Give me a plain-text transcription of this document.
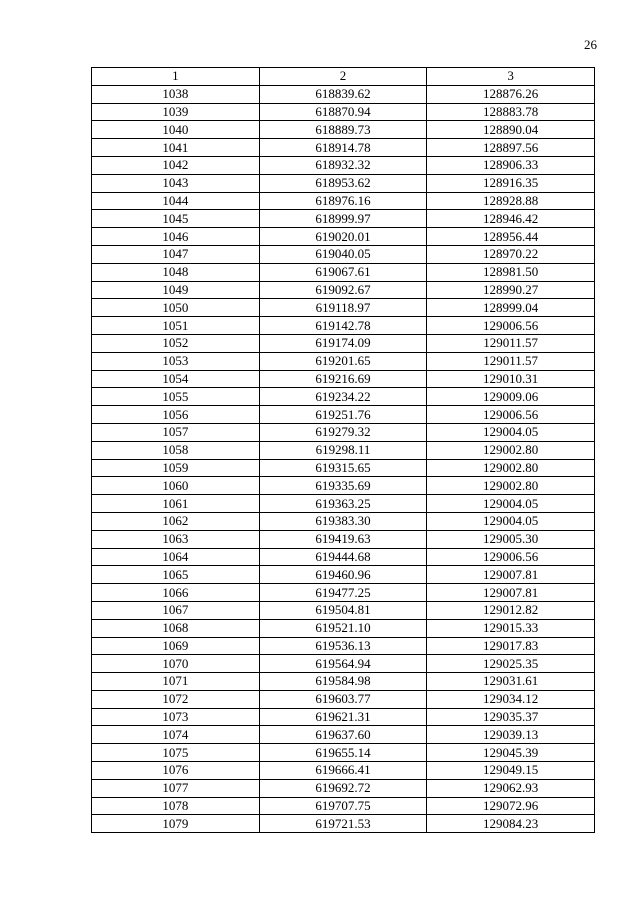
26
1	2	3
1038	618839.62	128876.26
1039	618870.94	128883.78
1040	618889.73	128890.04
1041	618914.78	128897.56
1042	618932.32	128906.33
1043	618953.62	128916.35
1044	618976.16	128928.88
1045	618999.97	128946.42
1046	619020.01	128956.44
1047	619040.05	128970.22
1048	619067.61	128981.50
1049	619092.67	128990.27
1050	619118.97	128999.04
1051	619142.78	129006.56
1052	619174.09	129011.57
1053	619201.65	129011.57
1054	619216.69	129010.31
1055	619234.22	129009.06
1056	619251.76	129006.56
1057	619279.32	129004.05
1058	619298.11	129002.80
1059	619315.65	129002.80
1060	619335.69	129002.80
1061	619363.25	129004.05
1062	619383.30	129004.05
1063	619419.63	129005.30
1064	619444.68	129006.56
1065	619460.96	129007.81
1066	619477.25	129007.81
1067	619504.81	129012.82
1068	619521.10	129015.33
1069	619536.13	129017.83
1070	619564.94	129025.35
1071	619584.98	129031.61
1072	619603.77	129034.12
1073	619621.31	129035.37
1074	619637.60	129039.13
1075	619655.14	129045.39
1076	619666.41	129049.15
1077	619692.72	129062.93
1078	619707.75	129072.96
1079	619721.53	129084.23
